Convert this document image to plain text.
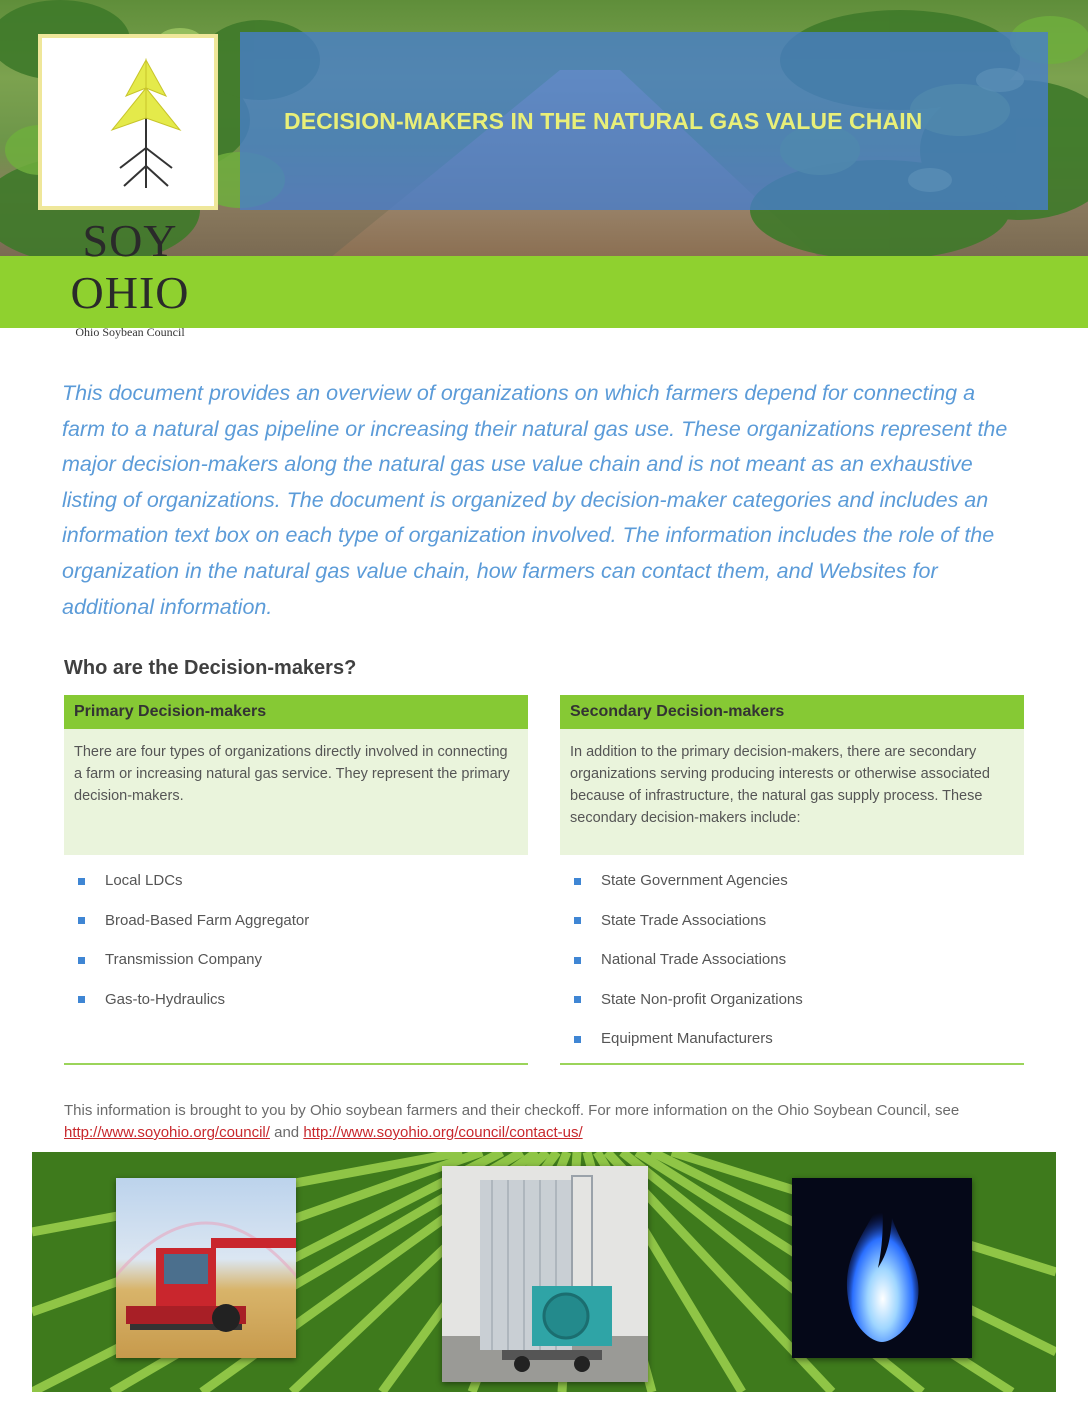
DECISION-MAKERS IN THE NATURAL GAS VALUE CHAIN
SOY
OHIO
Ohio Soybean Council

This document provides an overview of organizations on which farmers depend for connecting a farm to a natural gas pipeline or increasing their natural gas use. These organizations represent the major decision-makers along the natural gas use value chain and is not meant as an exhaustive listing of organizations. The document is organized by decision-maker categories and includes an information text box on each type of organization involved. The information includes the role of the organization in the natural gas value chain, how farmers can contact them, and Websites for additional information.

Who are the Decision-makers?
Primary Decision-makers
There are four types of organizations directly involved in connecting a farm or increasing natural gas service. They represent the primary decision-makers.
Local LDCs
Broad-Based Farm Aggregator
Transmission Company
Gas-to-Hydraulics
Secondary Decision-makers
In addition to the primary decision-makers, there are secondary organizations serving producing interests or otherwise associated because of infrastructure, the natural gas supply process. These secondary decision-makers include:
State Government Agencies
State Trade Associations
National Trade Associations
State Non-profit Organizations
Equipment Manufacturers

This information is brought to you by Ohio soybean farmers and their checkoff. For more information on the Ohio Soybean Council, see http://www.soyohio.org/council/ and http://www.soyohio.org/council/contact-us/
